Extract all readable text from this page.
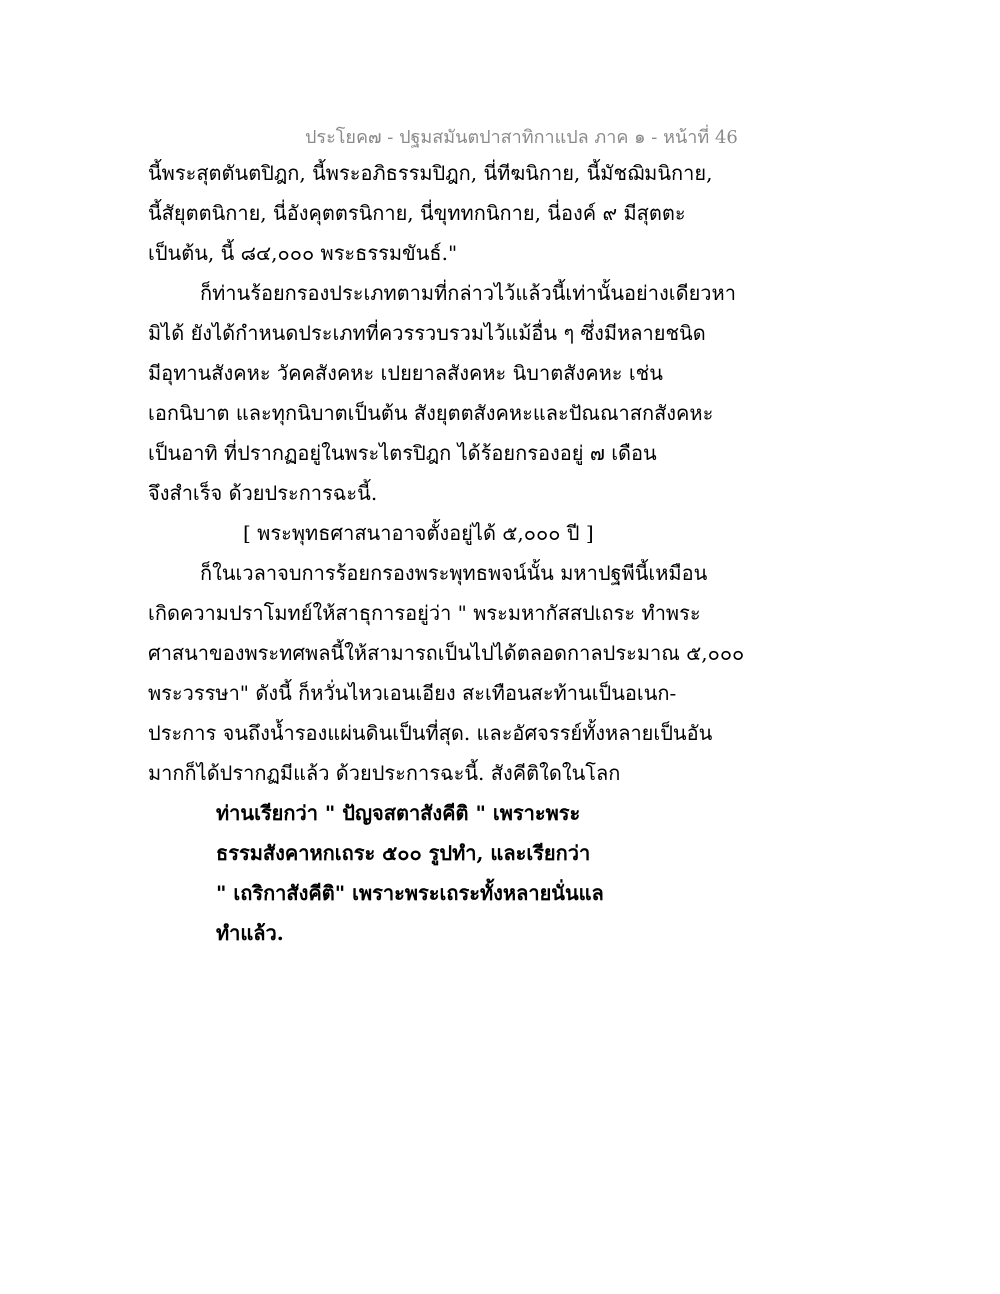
ประโยค๗ - ปฐมสมันตปาสาทิกาแปล ภาค ๑ - หน้าที่ 46
นี้พระสุตตันตปิฎก, นี้พระอภิธรรมปิฎก, นี่ทีฆนิกาย, นี้มัชฌิมนิกาย,
นี้สัยุตตนิกาย, นี่อังคุตตรนิกาย, นี่ขุททกนิกาย, นี่องค์ ๙ มีสุตตะ
เป็นต้น, นี้ ๘๔,๐๐๐ พระธรรมขันธ์."
ก็ท่านร้อยกรองประเภทตามที่กล่าวไว้แล้วนี้เท่านั้นอย่างเดียวหา
มิได้ ยังได้กำหนดประเภทที่ควรรวบรวมไว้แม้อื่น ๆ ซึ่งมีหลายชนิด
มีอุทานสังคหะ วัคคสังคหะ เปยยาลสังคหะ นิบาตสังคหะ เช่น
เอกนิบาต และทุกนิบาตเป็นต้น สังยุตตสังคหะและปัณณาสกสังคหะ
เป็นอาทิ ที่ปรากฏอยู่ในพระไตรปิฎก ได้ร้อยกรองอยู่ ๗ เดือน
จึงสำเร็จ ด้วยประการฉะนี้.
[ พระพุทธศาสนาอาจตั้งอยู่ได้ ๕,๐๐๐ ปี ]
ก็ในเวลาจบการร้อยกรองพระพุทธพจน์นั้น มหาปฐพีนี้เหมือน
เกิดความปราโมทย์ให้สาธุการอยู่ว่า " พระมหากัสสปเถระ ทำพระ
ศาสนาของพระทศพลนี้ให้สามารถเป็นไปได้ตลอดกาลประมาณ ๕,๐๐๐
พระวรรษา" ดังนี้ ก็หวั่นไหวเอนเอียง สะเทือนสะท้านเป็นอเนก-
ประการ จนถึงน้ำรองแผ่นดินเป็นที่สุด. และอัศจรรย์ทั้งหลายเป็นอัน
มากก็ได้ปรากฏมีแล้ว ด้วยประการฉะนี้. สังคีติใดในโลก
ท่านเรียกว่า " ปัญจสตาสังคีติ " เพราะพระ
ธรรมสังคาหกเถระ ๕๐๐ รูปทำ, และเรียกว่า
" เถริกาสังคีติ" เพราะพระเถระทั้งหลายนั่นแล
ทำแล้ว.
